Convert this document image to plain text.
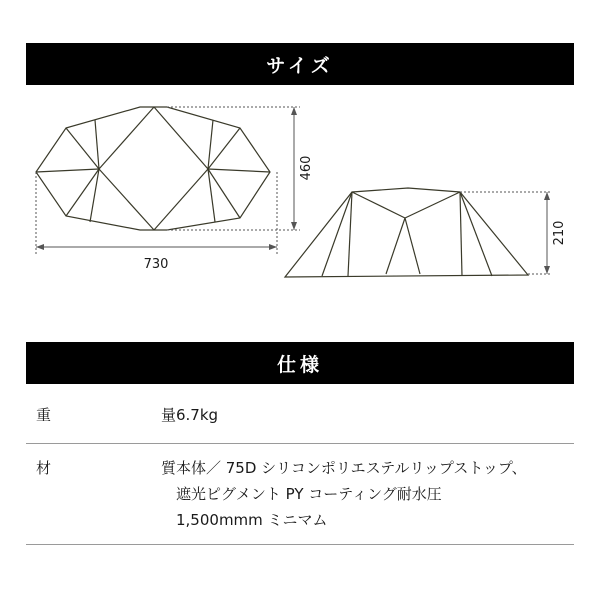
サイズ
730
460
210
仕様
重	量 6.7kg
材	質 本体／ 75D シリコンポリエステルリップストップ、
遮光ピグメント PY コーティング耐水圧
1,500mmm ミニマム
